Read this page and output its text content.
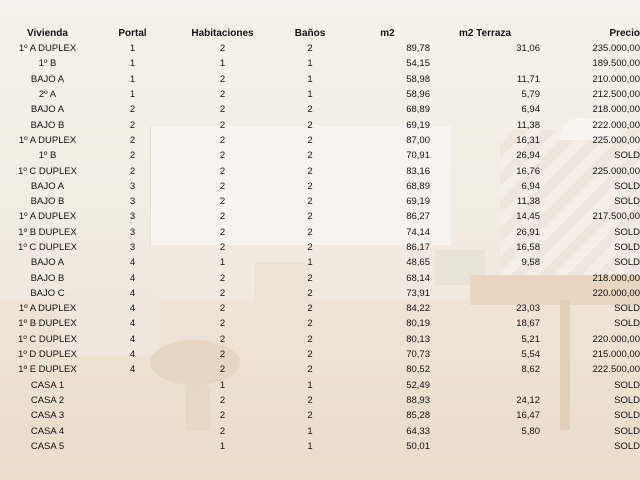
Vivienda	Portal	Habitaciones	Baños	m2	m2 Terraza	Precio
1º A DUPLEX	1	2	2	89,78	31,06	235.000,00
1º B	1	1	1	54,15		189.500,00
BAJO A	1	2	1	58,98	11,71	210.000,00
2º A	1	2	1	58,96	5,79	212.500,00
BAJO A	2	2	2	68,89	6,94	218.000,00
BAJO B	2	2	2	69,19	11,38	222.000,00
1º A DUPLEX	2	2	2	87,00	16,31	225.000,00
1º B	2	2	2	70,91	26,94	SOLD
1º C DUPLEX	2	2	2	83,16	16,76	225.000,00
BAJO A	3	2	2	68,89	6,94	SOLD
BAJO B	3	2	2	69,19	11,38	SOLD
1º A DUPLEX	3	2	2	86,27	14,45	217.500,00
1º B DUPLEX	3	2	2	74,14	26,91	SOLD
1º C DUPLEX	3	2	2	86,17	16,58	SOLD
BAJO A	4	1	1	48,65	9,58	SOLD
BAJO B	4	2	2	68,14		218.000,00
BAJO C	4	2	2	73,91		220.000,00
1º A DUPLEX	4	2	2	84,22	23,03	SOLD
1º B DUPLEX	4	2	2	80,19	18,67	SOLD
1º C DUPLEX	4	2	2	80,13	5,21	220.000,00
1º D DUPLEX	4	2	2	70,73	5,54	215.000,00
1º E DUPLEX	4	2	2	80,52	8,62	222.500,00
CASA 1		1	1	52,49		SOLD
CASA 2		2	2	88,93	24,12	SOLD
CASA 3		2	2	85,28	16,47	SOLD
CASA 4		2	1	64,33	5,80	SOLD
CASA 5		1	1	50,01		SOLD
